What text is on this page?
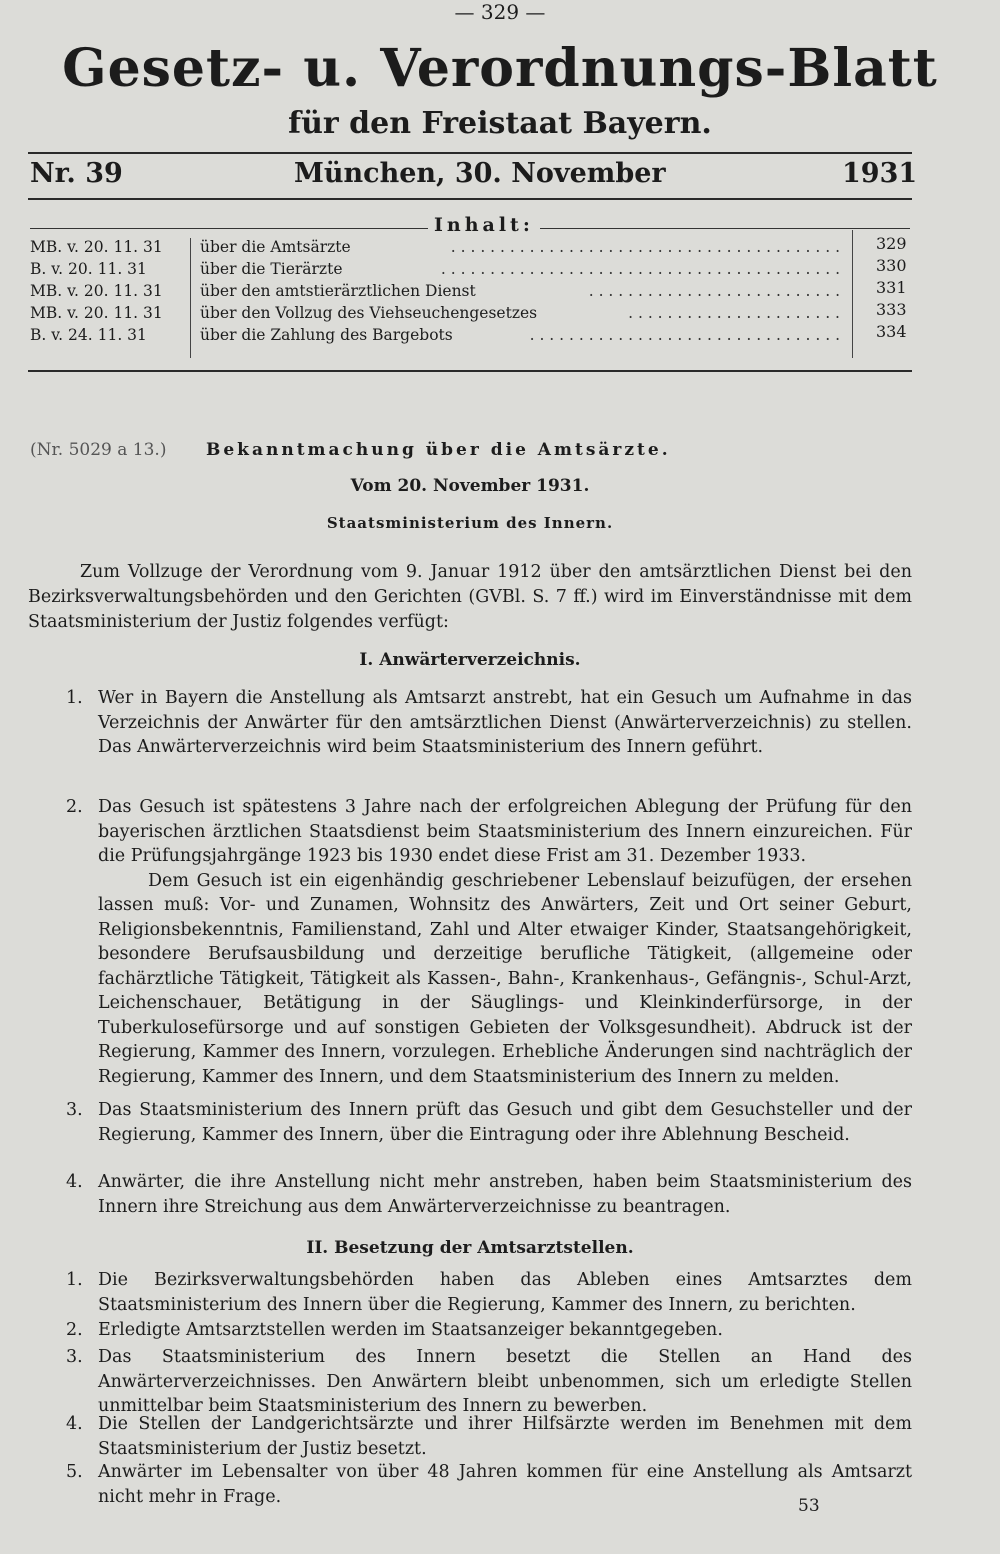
— 329 —
Gesetz- u. Verordnungs-Blatt
für den Freistaat Bayern.
Nr. 39	München, 30. November	1931
Inhalt:
MB. v. 20. 11. 31	über die Amtsärzte	. . . . . . . . . . . . . . . . . . . . . . . . . . . . . . . . . . . . . . . . 329
B. v. 20. 11. 31	über die Tierärzte	. . . . . . . . . . . . . . . . . . . . . . . . . . . . . . . . . . . . . . . . . 330
MB. v. 20. 11. 31	über den amtstierärztlichen Dienst	. . . . . . . . . . . . . . . . . . . . . . . . . . 331
MB. v. 20. 11. 31	über den Vollzug des Viehseuchengesetzes	. . . . . . . . . . . . . . . . . . . . . . 333
B. v. 24. 11. 31	über die Zahlung des Bargebots	. . . . . . . . . . . . . . . . . . . . . . . . . . . . . . . . 334
(Nr. 5029 a 13.) Bekanntmachung über die Amtsärzte.
Vom 20. November 1931.
Staatsministerium des Innern.

Zum Vollzuge der Verordnung vom 9. Januar 1912 über den amtsärztlichen Dienst bei den Bezirksverwaltungsbehörden und den Gerichten (GVBl. S. 7 ff.) wird im Einverständnisse mit dem Staatsministerium der Justiz folgendes verfügt:

I. Anwärterverzeichnis.
1. Wer in Bayern die Anstellung als Amtsarzt anstrebt, hat ein Gesuch um Aufnahme in das Verzeichnis der Anwärter für den amtsärztlichen Dienst (Anwärterverzeichnis) zu stellen. Das Anwärterverzeichnis wird beim Staatsministerium des Innern geführt.

2. Das Gesuch ist spätestens 3 Jahre nach der erfolgreichen Ablegung der Prüfung für den bayerischen ärztlichen Staatsdienst beim Staatsministerium des Innern einzureichen. Für die Prüfungsjahrgänge 1923 bis 1930 endet diese Frist am 31. Dezember 1933.

Dem Gesuch ist ein eigenhändig geschriebener Lebenslauf beizufügen, der ersehen lassen muß: Vor- und Zunamen, Wohnsitz des Anwärters, Zeit und Ort seiner Geburt, Religionsbekenntnis, Familienstand, Zahl und Alter etwaiger Kinder, Staatsangehörigkeit, besondere Berufsausbildung und derzeitige berufliche Tätigkeit, (allgemeine oder fachärztliche Tätigkeit, Tätigkeit als Kassen-, Bahn-, Krankenhaus-, Gefängnis-, Schul-Arzt, Leichenschauer, Betätigung in der Säuglings- und Kleinkinderfürsorge, in der Tuberkulosefürsorge und auf sonstigen Gebieten der Volksgesundheit). Abdruck ist der Regierung, Kammer des Innern, vorzulegen. Erhebliche Änderungen sind nachträglich der Regierung, Kammer des Innern, und dem Staatsministerium des Innern zu melden.

3. Das Staatsministerium des Innern prüft das Gesuch und gibt dem Gesuchsteller und der Regierung, Kammer des Innern, über die Eintragung oder ihre Ablehnung Bescheid.

4. Anwärter, die ihre Anstellung nicht mehr anstreben, haben beim Staatsministerium des Innern ihre Streichung aus dem Anwärterverzeichnisse zu beantragen.

II. Besetzung der Amtsarztstellen.
1. Die Bezirksverwaltungsbehörden haben das Ableben eines Amtsarztes dem Staatsministerium des Innern über die Regierung, Kammer des Innern, zu berichten.

2. Erledigte Amtsarztstellen werden im Staatsanzeiger bekanntgegeben.

3. Das Staatsministerium des Innern besetzt die Stellen an Hand des Anwärterverzeichnisses. Den Anwärtern bleibt unbenommen, sich um erledigte Stellen unmittelbar beim Staatsministerium des Innern zu bewerben.

4. Die Stellen der Landgerichtsärzte und ihrer Hilfsärzte werden im Benehmen mit dem Staatsministerium der Justiz besetzt.

5. Anwärter im Lebensalter von über 48 Jahren kommen für eine Anstellung als Amtsarzt nicht mehr in Frage.	53
